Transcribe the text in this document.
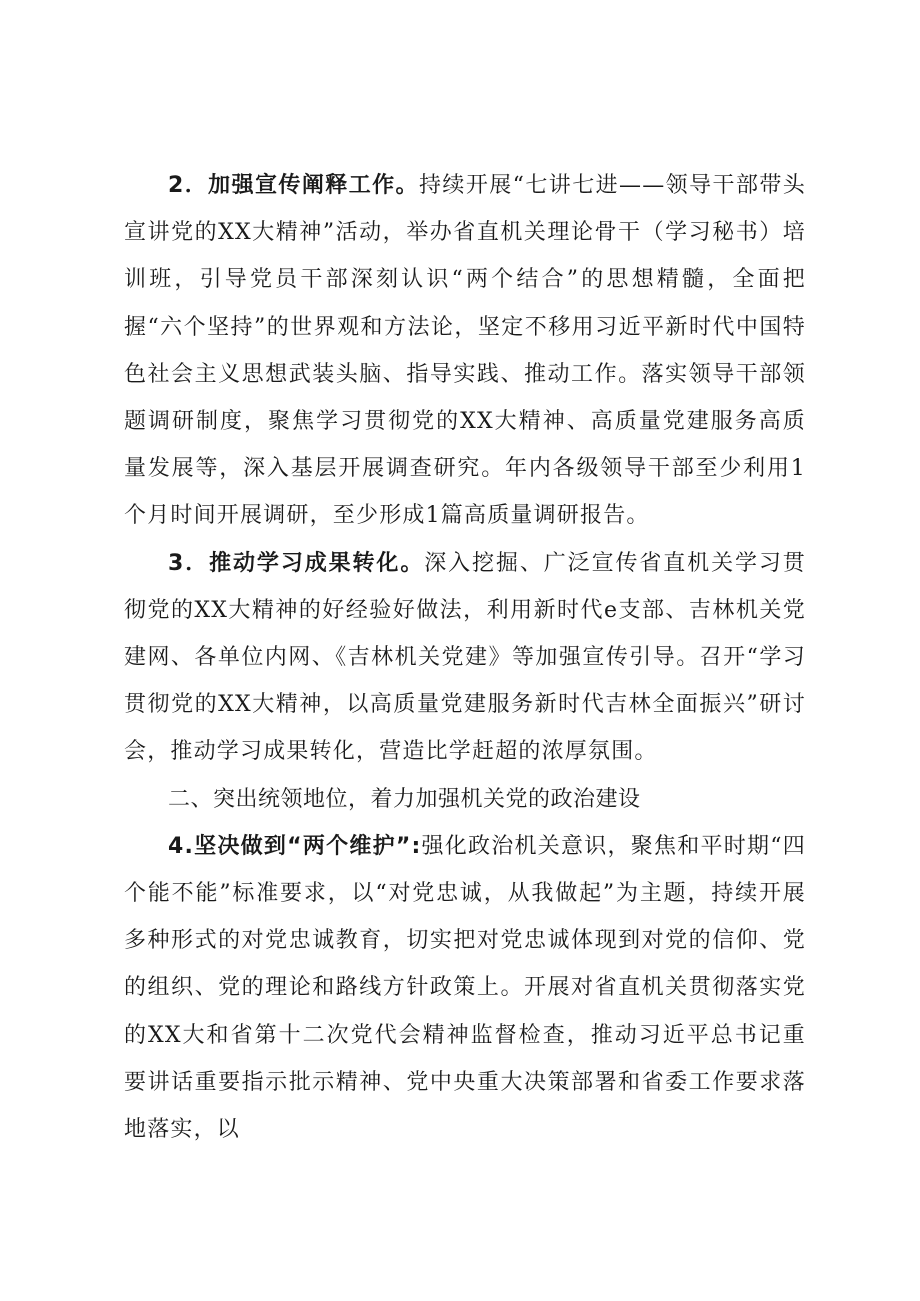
2．加强宣传阐释工作。持续开展“七讲七进——领导干部带头宣讲党的XX大精神”活动，举办省直机关理论骨干（学习秘书）培训班，引导党员干部深刻认识“两个结合”的思想精髓，全面把握“六个坚持”的世界观和方法论，坚定不移用习近平新时代中国特色社会主义思想武装头脑、指导实践、推动工作。落实领导干部领题调研制度，聚焦学习贯彻党的XX大精神、高质量党建服务高质量发展等，深入基层开展调查研究。年内各级领导干部至少利用1个月时间开展调研，至少形成1篇高质量调研报告。

3．推动学习成果转化。深入挖掘、广泛宣传省直机关学习贯彻党的XX大精神的好经验好做法，利用新时代e支部、吉林机关党建网、各单位内网、《吉林机关党建》等加强宣传引导。召开“学习贯彻党的XX大精神，以高质量党建服务新时代吉林全面振兴”研讨会，推动学习成果转化，营造比学赶超的浓厚氛围。

二、突出统领地位，着力加强机关党的政治建设

4.坚决做到“两个维护”:强化政治机关意识，聚焦和平时期“四个能不能”标准要求，以“对党忠诚，从我做起”为主题，持续开展多种形式的对党忠诚教育，切实把对党忠诚体现到对党的信仰、党的组织、党的理论和路线方针政策上。开展对省直机关贯彻落实党的XX大和省第十二次党代会精神监督检查，推动习近平总书记重要讲话重要指示批示精神、党中央重大决策部署和省委工作要求落地落实，以
